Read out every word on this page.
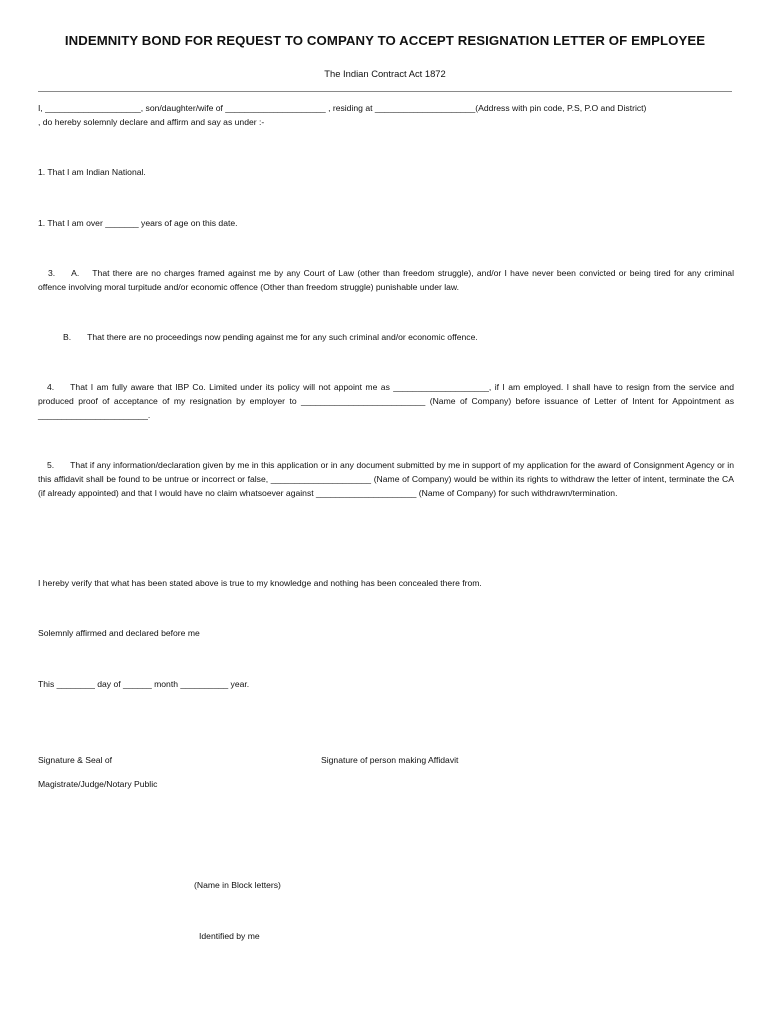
INDEMNITY BOND FOR REQUEST TO COMPANY TO ACCEPT RESIGNATION LETTER OF EMPLOYEE
The Indian Contract Act 1872
I, ____________________, son/daughter/wife of _____________________ , residing at _____________________(Address with pin code, P.S, P.O and District)
, do hereby solemnly declare and affirm and say as under :-
1. That I am Indian National.
1. That I am over _______ years of age on this date.
3. A. That there are no charges framed against me by any Court of Law (other than freedom struggle), and/or I have never been convicted or being tired for any criminal offence involving moral turpitude and/or economic offence (Other than freedom struggle) punishable under law.
B. That there are no proceedings now pending against me for any such criminal and/or economic offence.
4. That I am fully aware that IBP Co. Limited under its policy will not appoint me as ____________________, if I am employed. I shall have to resign from the service and produced proof of acceptance of my resignation by employer to __________________________ (Name of Company) before issuance of Letter of Intent for Appointment as _______________________.
5. That if any information/declaration given by me in this application or in any document submitted by me in support of my application for the award of Consignment Agency or in this affidavit shall be found to be untrue or incorrect or false, _____________________ (Name of Company) would be within its rights to withdraw the letter of intent, terminate the CA (if already appointed) and that I would have no claim whatsoever against _____________________ (Name of Company) for such withdrawn/termination.
I hereby verify that what has been stated above is true to my knowledge and nothing has been concealed there from.
Solemnly affirmed and declared before me
This ________ day of ______ month __________ year.
Signature & Seal of	Signature of person making Affidavit
Magistrate/Judge/Notary Public
(Name in Block letters)
Identified by me
